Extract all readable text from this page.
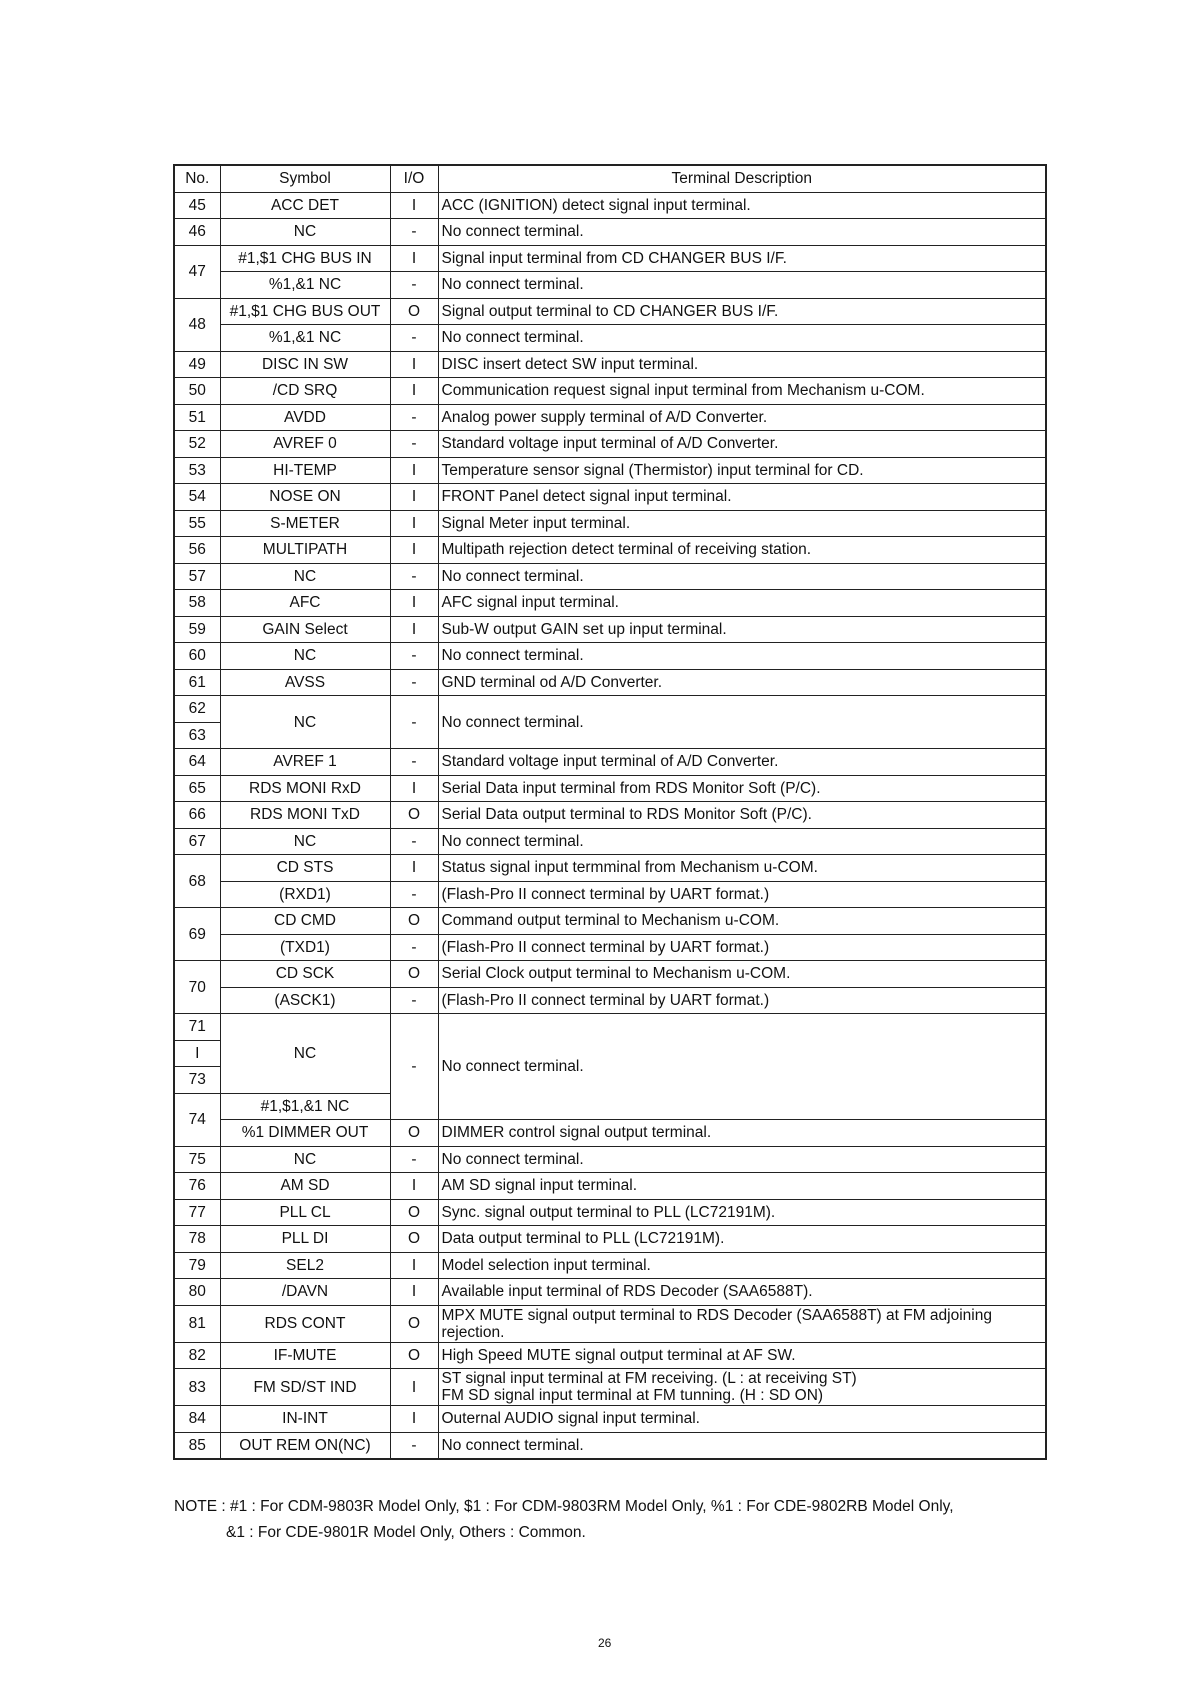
No.	Symbol	I/O	Terminal Description
45	ACC DET	I	ACC (IGNITION) detect signal input terminal.
46	NC	-	No connect terminal.
47	#1,$1 CHG BUS IN	I	Signal input terminal from CD CHANGER BUS I/F.
	%1,&1 NC	-	No connect terminal.
48	#1,$1 CHG BUS OUT	O	Signal output terminal to CD CHANGER BUS I/F.
	%1,&1 NC	-	No connect terminal.
49	DISC IN SW	I	DISC insert detect SW input terminal.
50	/CD SRQ	I	Communication request signal input terminal from Mechanism u-COM.
51	AVDD	-	Analog power supply terminal of A/D Converter.
52	AVREF 0	-	Standard voltage input terminal of A/D Converter.
53	HI-TEMP	I	Temperature sensor signal (Thermistor) input terminal for CD.
54	NOSE ON	I	FRONT Panel detect signal input terminal.
55	S-METER	I	Signal Meter input terminal.
56	MULTIPATH	I	Multipath rejection detect terminal of receiving station.
57	NC	-	No connect terminal.
58	AFC	I	AFC signal input terminal.
59	GAIN Select	I	Sub-W output GAIN set up input terminal.
60	NC	-	No connect terminal.
61	AVSS	-	GND terminal od A/D Converter.
62	NC	-	No connect terminal.
63			
64	AVREF 1	-	Standard voltage input terminal of A/D Converter.
65	RDS MONI RxD	I	Serial Data input terminal from RDS Monitor Soft (P/C).
66	RDS MONI TxD	O	Serial Data output terminal to RDS Monitor Soft (P/C).
67	NC	-	No connect terminal.
68	CD STS	I	Status signal input termminal from Mechanism u-COM.
	(RXD1)	-	(Flash-Pro II connect terminal by UART format.)
69	CD CMD	O	Command output terminal to Mechanism u-COM.
	(TXD1)	-	(Flash-Pro II connect terminal by UART format.)
70	CD SCK	O	Serial Clock output terminal to Mechanism u-COM.
	(ASCK1)	-	(Flash-Pro II connect terminal by UART format.)
71	NC	-	No connect terminal.
I			
73			
74	#1,$1,&1 NC		
	%1 DIMMER OUT	O	DIMMER control signal output terminal.
75	NC	-	No connect terminal.
76	AM SD	I	AM SD signal input terminal.
77	PLL CL	O	Sync. signal output terminal to PLL (LC72191M).
78	PLL DI	O	Data output terminal to PLL (LC72191M).
79	SEL2	I	Model selection input terminal.
80	/DAVN	I	Available input terminal of RDS Decoder (SAA6588T).
81	RDS CONT	O	MPX MUTE signal output terminal to RDS Decoder (SAA6588T) at FM adjoining rejection.
82	IF-MUTE	O	High Speed MUTE signal output terminal at AF SW.
83	FM SD/ST IND	I	ST signal input terminal at FM receiving. (L : at receiving ST)
FM SD signal input terminal at FM tunning. (H : SD ON)

84	IN-INT	I	Outernal AUDIO signal input terminal.
85	OUT REM ON(NC)	-	No connect terminal.
NOTE : #1 : For CDM-9803R Model Only, $1 : For CDM-9803RM Model Only, %1 : For CDE-9802RB Model Only,
&1 : For CDE-9801R Model Only, Others : Common.
26
